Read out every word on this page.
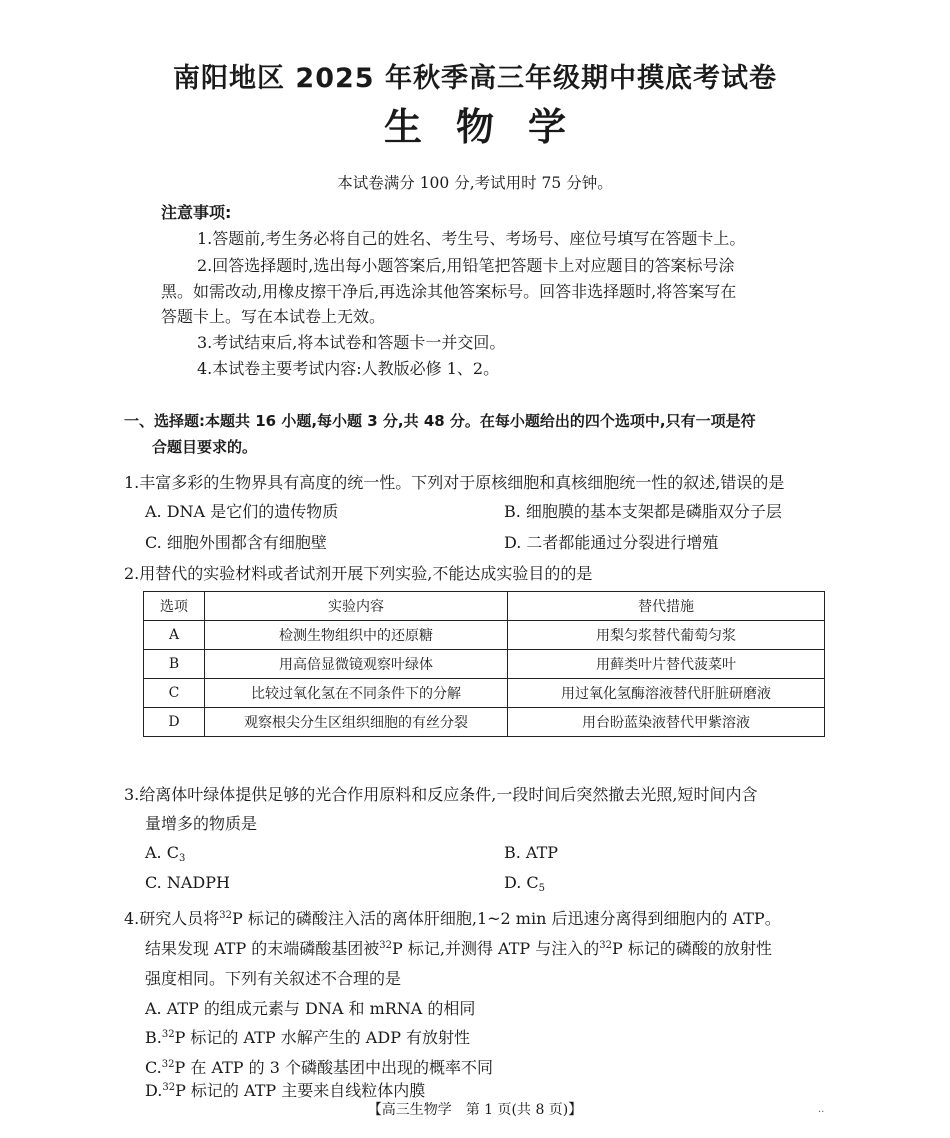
南阳地区 2025 年秋季高三年级期中摸底考试卷
生物学
本试卷满分 100 分,考试用时 75 分钟。
注意事项:
1.答题前,考生务必将自己的姓名、考生号、考场号、座位号填写在答题卡上。
2.回答选择题时,选出每小题答案后,用铅笔把答题卡上对应题目的答案标号涂
黑。如需改动,用橡皮擦干净后,再选涂其他答案标号。回答非选择题时,将答案写在
答题卡上。写在本试卷上无效。
3.考试结束后,将本试卷和答题卡一并交回。
4.本试卷主要考试内容:人教版必修 1、2。
一、选择题:本题共 16 小题,每小题 3 分,共 48 分。在每小题给出的四个选项中,只有一项是符
合题目要求的。
1.丰富多彩的生物界具有高度的统一性。下列对于原核细胞和真核细胞统一性的叙述,错误的是
A. DNA 是它们的遗传物质	B. 细胞膜的基本支架都是磷脂双分子层
C. 细胞外围都含有细胞壁	D. 二者都能通过分裂进行增殖
2.用替代的实验材料或者试剂开展下列实验,不能达成实验目的的是
选项	实验内容	替代措施
A	检测生物组织中的还原糖	用梨匀浆替代葡萄匀浆
B	用高倍显微镜观察叶绿体	用藓类叶片替代菠菜叶
C	比较过氧化氢在不同条件下的分解	用过氧化氢酶溶液替代肝脏研磨液
D	观察根尖分生区组织细胞的有丝分裂	用台盼蓝染液替代甲紫溶液
3.给离体叶绿体提供足够的光合作用原料和反应条件,一段时间后突然撤去光照,短时间内含
量增多的物质是
A. $C_3$	B. ATP
C. NADPH	D. $C_5$
4.研究人员将$^{32}$P 标记的磷酸注入活的离体肝细胞,1~2 min 后迅速分离得到细胞内的 ATP。
结果发现 ATP 的末端磷酸基团被$^{32}$P 标记,并测得 ATP 与注入的$^{32}$P 标记的磷酸的放射性
强度相同。下列有关叙述不合理的是
A. ATP 的组成元素与 DNA 和 mRNA 的相同
B.$^{32}$P 标记的 ATP 水解产生的 ADP 有放射性
C.$^{32}$P 在 ATP 的 3 个磷酸基团中出现的概率不同
D.$^{32}$P 标记的 ATP 主要来自线粒体内膜
【高三生物学　第 1 页(共 8 页)】	..
